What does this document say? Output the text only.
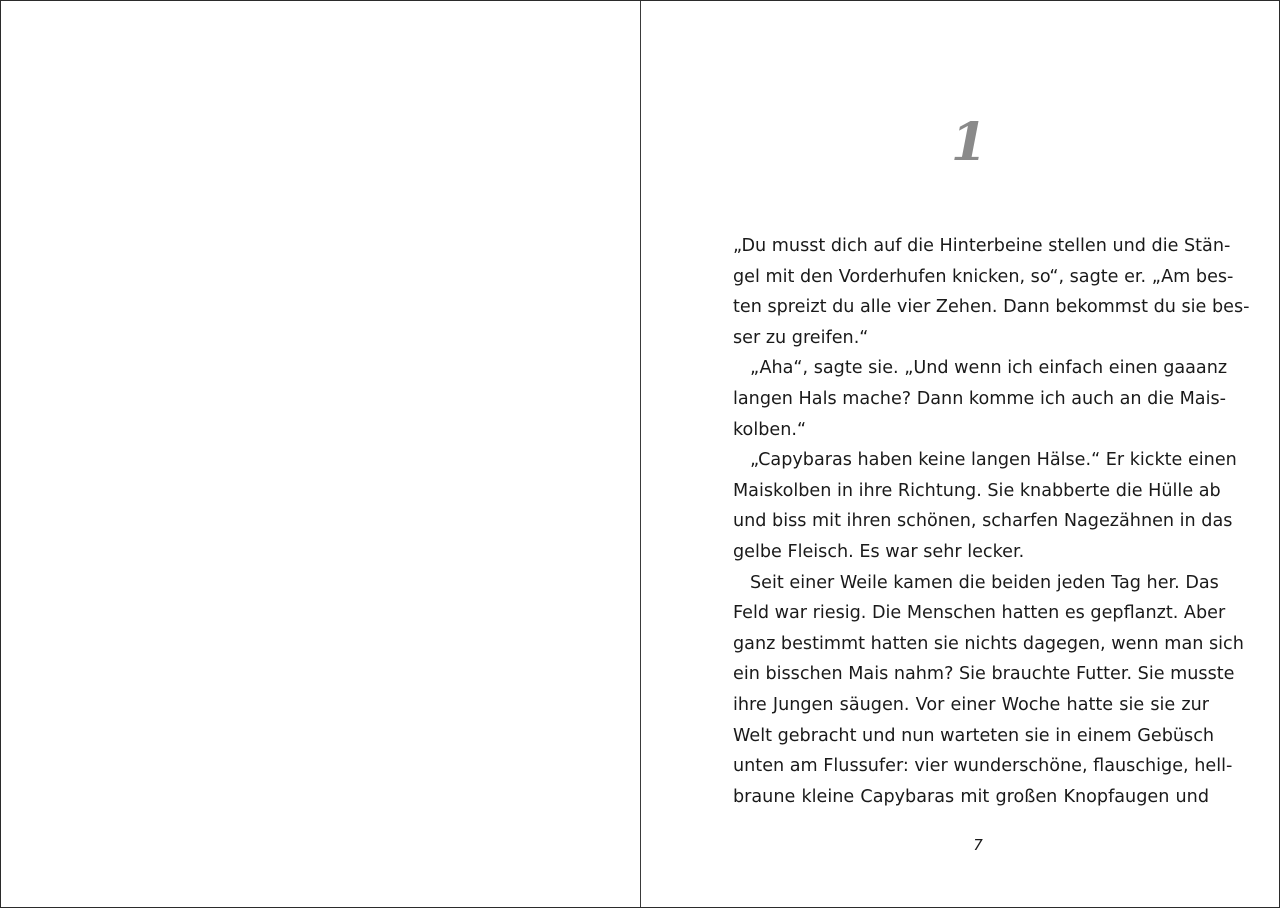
1
„Du musst dich auf die Hinterbeine stellen und die Stän-
gel mit den Vorderhufen knicken, so“, sagte er. „Am bes-
ten spreizt du alle vier Zehen. Dann bekommst du sie bes-
ser zu greifen.“
„Aha“, sagte sie. „Und wenn ich einfach einen gaaanz
langen Hals mache? Dann komme ich auch an die Mais-
kolben.“
„Capybaras haben keine langen Hälse.“ Er kickte einen
Maiskolben in ihre Richtung. Sie knabberte die Hülle ab
und biss mit ihren schönen, scharfen Nagezähnen in das
gelbe Fleisch. Es war sehr lecker.
Seit einer Weile kamen die beiden jeden Tag her. Das
Feld war riesig. Die Menschen hatten es gepflanzt. Aber
ganz bestimmt hatten sie nichts dagegen, wenn man sich
ein bisschen Mais nahm? Sie brauchte Futter. Sie musste
ihre Jungen säugen. Vor einer Woche hatte sie sie zur
Welt gebracht und nun warteten sie in einem Gebüsch
unten am Flussufer: vier wunderschöne, flauschige, hell-
braune kleine Capybaras mit großen Knopfaugen und
7
